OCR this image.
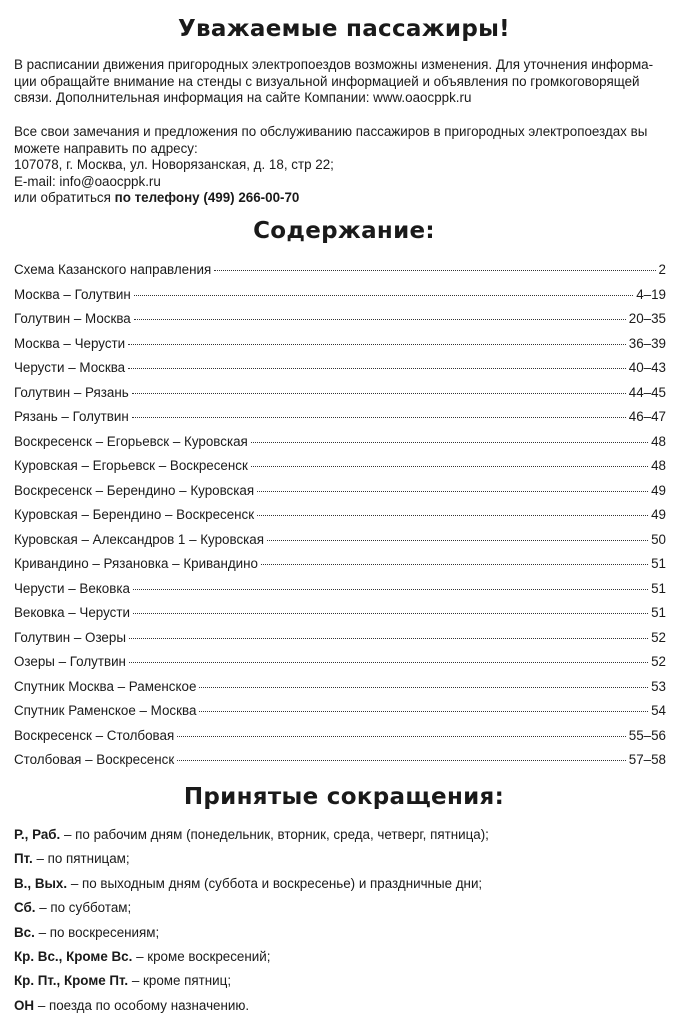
Уважаемые пассажиры!

В расписании движения пригородных электропоездов возможны изменения. Для уточнения информа-
ции обращайте внимание на стенды с визуальной информацией и объявления по громкоговорящей
связи. Дополнительная информация на сайте Компании: www.oaocppk.ru

Все свои замечания и предложения по обслуживанию пассажиров в пригородных электропоездах вы
можете направить по адресу:
107078, г. Москва, ул. Новорязанская, д. 18, стр 22;
E-mail: info@oaocppk.ru
или обратиться по телефону (499) 266-00-70

Содержание:
Схема Казанского направления	2
Москва – Голутвин	4–19
Голутвин – Москва	20–35
Москва – Черусти	36–39
Черусти – Москва	40–43
Голутвин – Рязань	44–45
Рязань – Голутвин	46–47
Воскресенск – Егорьевск – Куровская	48
Куровская – Егорьевск – Воскресенск	48
Воскресенск – Берендино – Куровская	49
Куровская – Берендино – Воскресенск	49
Куровская – Александров 1 – Куровская	50
Кривандино – Рязановка – Кривандино	51
Черусти – Вековка	51
Вековка – Черусти	51
Голутвин – Озеры	52
Озеры – Голутвин	52
Спутник Москва – Раменское	53
Спутник Раменское – Москва	54
Воскресенск – Столбовая	55–56
Столбовая – Воскресенск	57–58
Принятые сокращения:
Р., Раб. – по рабочим дням (понедельник, вторник, среда, четверг, пятница);
Пт. – по пятницам;
В., Вых. – по выходным дням (суббота и воскресенье) и праздничные дни;
Сб. – по субботам;
Вс. – по воскресениям;
Кр. Вс., Кроме Вс. – кроме воскресений;
Кр. Пт., Кроме Пт. – кроме пятниц;
ОН – поезда по особому назначению.
